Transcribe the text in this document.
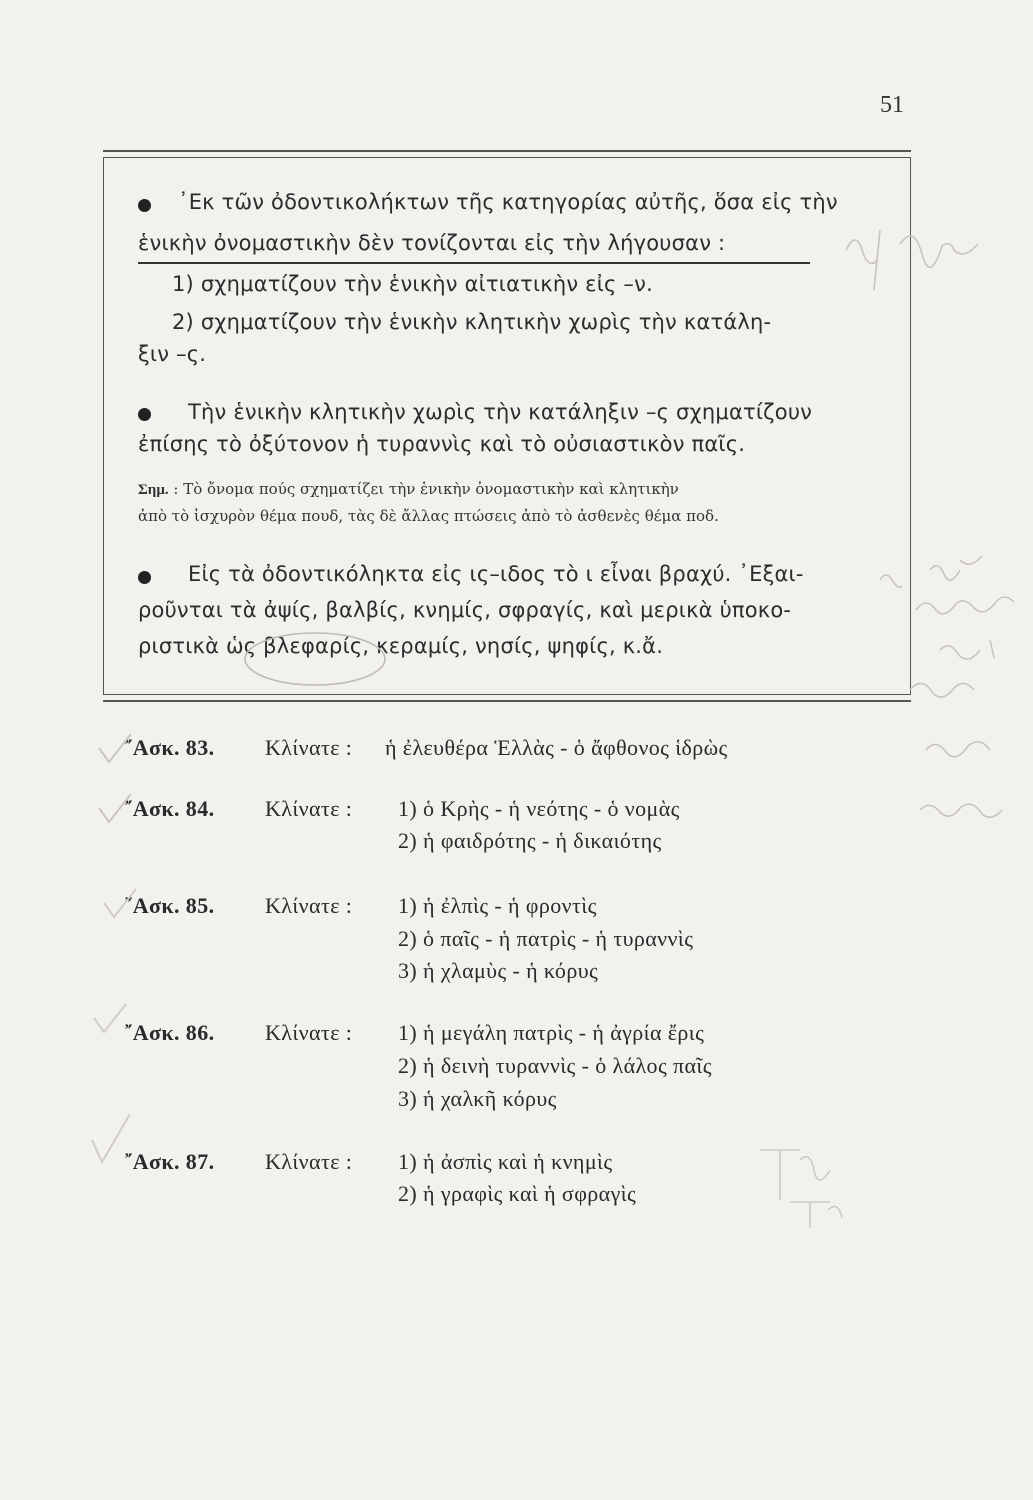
51
᾿Εκ τῶν ὀδοντικολήκτων τῆς κατηγορίας αὐτῆς, ὅσα εἰς τὴν
ἑνικὴν ὀνομαστικὴν δὲν τονίζονται εἰς τὴν λήγουσαν :
1) σχηματίζουν τὴν ἑνικὴν αἰτιατικὴν εἰς –ν.
2) σχηματίζουν τὴν ἑνικὴν κλητικὴν χωρὶς τὴν κατάλη-
ξιν –ς.
Τὴν ἑνικὴν κλητικὴν χωρὶς τὴν κατάληξιν –ς σχηματίζουν
ἐπίσης τὸ ὀξύτονον ἡ τυραννὶς καὶ τὸ οὐσιαστικὸν παῖς.
Σημ. : Τὸ ὄνομα πούς σχηματίζει τὴν ἑνικὴν ὀνομαστικὴν καὶ κλητικὴν
ἀπὸ τὸ ἰσχυρὸν θέμα πουδ, τὰς δὲ ἄλλας πτώσεις ἀπὸ τὸ ἀσθενὲς θέμα ποδ.
Εἰς τὰ ὀδοντικόληκτα εἰς ις–ιδος τὸ ι εἶναι βραχύ. ᾿Εξαι-
ροῦνται τὰ ἀψίς, βαλβίς, κνημίς, σφραγίς, καὶ μερικὰ ὑποκο-
ριστικὰ ὡς βλεφαρίς, κεραμίς, νησίς, ψηφίς, κ.ἄ.
῎Ασκ. 83. Κλίνατε : ἡ ἐλευθέρα Ἑλλὰς - ὁ ἄφθονος ἱδρὼς
῎Ασκ. 84. Κλίνατε : 1) ὁ Κρὴς - ἡ νεότης - ὁ νομὰς
2) ἡ φαιδρότης - ἡ δικαιότης
῎Ασκ. 85. Κλίνατε : 1) ἡ ἐλπὶς - ἡ φροντὶς
2) ὁ παῖς - ἡ πατρὶς - ἡ τυραννὶς
3) ἡ χλαμὺς - ἡ κόρυς
῎Ασκ. 86. Κλίνατε : 1) ἡ μεγάλη πατρὶς - ἡ ἀγρία ἔρις
2) ἡ δεινὴ τυραννὶς - ὁ λάλος παῖς
3) ἡ χαλκῆ κόρυς
῎Ασκ. 87. Κλίνατε : 1) ἡ ἀσπὶς καὶ ἡ κνημὶς
2) ἡ γραφὶς καὶ ἡ σφραγὶς
